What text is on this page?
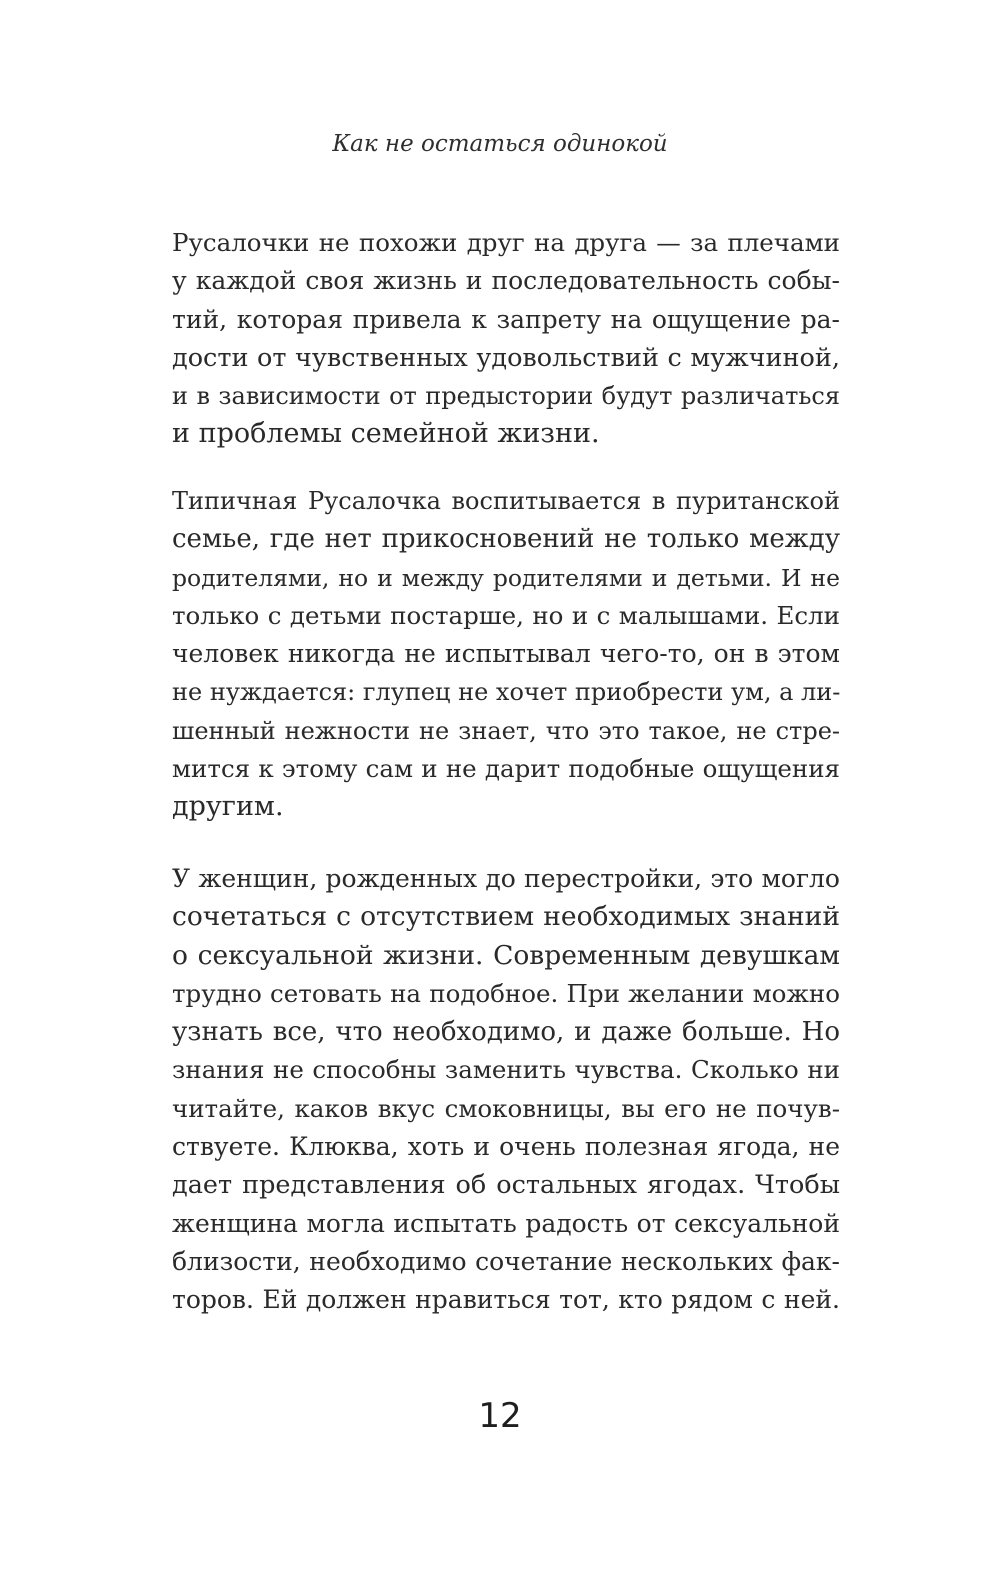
Как не остаться одинокой
Русалочки не похожи друг на друга — за плечами
у каждой своя жизнь и последовательность собы-
тий, которая привела к запрету на ощущение ра-
дости от чувственных удовольствий с мужчиной,
и в зависимости от предыстории будут различаться
и проблемы семейной жизни.
Типичная Русалочка воспитывается в пуританской
семье, где нет прикосновений не только между
родителями, но и между родителями и детьми. И не
только с детьми постарше, но и с малышами. Если
человек никогда не испытывал чего-то, он в этом
не нуждается: глупец не хочет приобрести ум, а ли-
шенный нежности не знает, что это такое, не стре-
мится к этому сам и не дарит подобные ощущения
другим.
У женщин, рожденных до перестройки, это могло
сочетаться с отсутствием необходимых знаний
о сексуальной жизни. Современным девушкам
трудно сетовать на подобное. При желании можно
узнать все, что необходимо, и даже больше. Но
знания не способны заменить чувства. Сколько ни
читайте, каков вкус смоковницы, вы его не почув-
ствуете. Клюква, хоть и очень полезная ягода, не
дает представления об остальных ягодах. Чтобы
женщина могла испытать радость от сексуальной
близости, необходимо сочетание нескольких фак-
торов. Ей должен нравиться тот, кто рядом с ней.
12
